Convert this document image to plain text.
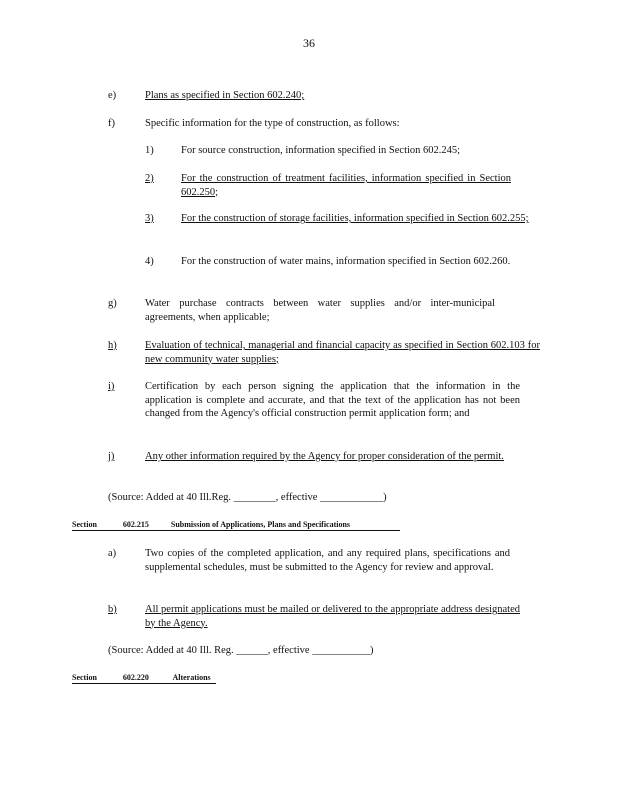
36
e)	Plans as specified in Section 602.240;
f)	Specific information for the type of construction, as follows:
1)	For source construction, information specified in Section 602.245;
2)	For the construction of treatment facilities, information specified in Section 602.250;
3)	For the construction of storage facilities, information specified in Section 602.255;
4)	For the construction of water mains, information specified in Section 602.260.
g)	Water purchase contracts between water supplies and/or inter-municipal agreements, when applicable;
h)	Evaluation of technical, managerial and financial capacity as specified in Section 602.103 for new community water supplies;
i)	Certification by each person signing the application that the information in the application is complete and accurate, and that the text of the application has not been changed from the Agency's official construction permit application form; and
j)	Any other information required by the Agency for proper consideration of the permit.
(Source: Added at 40 Ill.Reg. ________, effective ____________)
Section	602.215	Submission of Applications, Plans and Specifications
a)	Two copies of the completed application, and any required plans, specifications and supplemental schedules, must be submitted to the Agency for review and approval.
b)	All permit applications must be mailed or delivered to the appropriate address designated by the Agency.
(Source: Added at 40 Ill. Reg. ______, effective ___________)
Section	602.220	Alterations
